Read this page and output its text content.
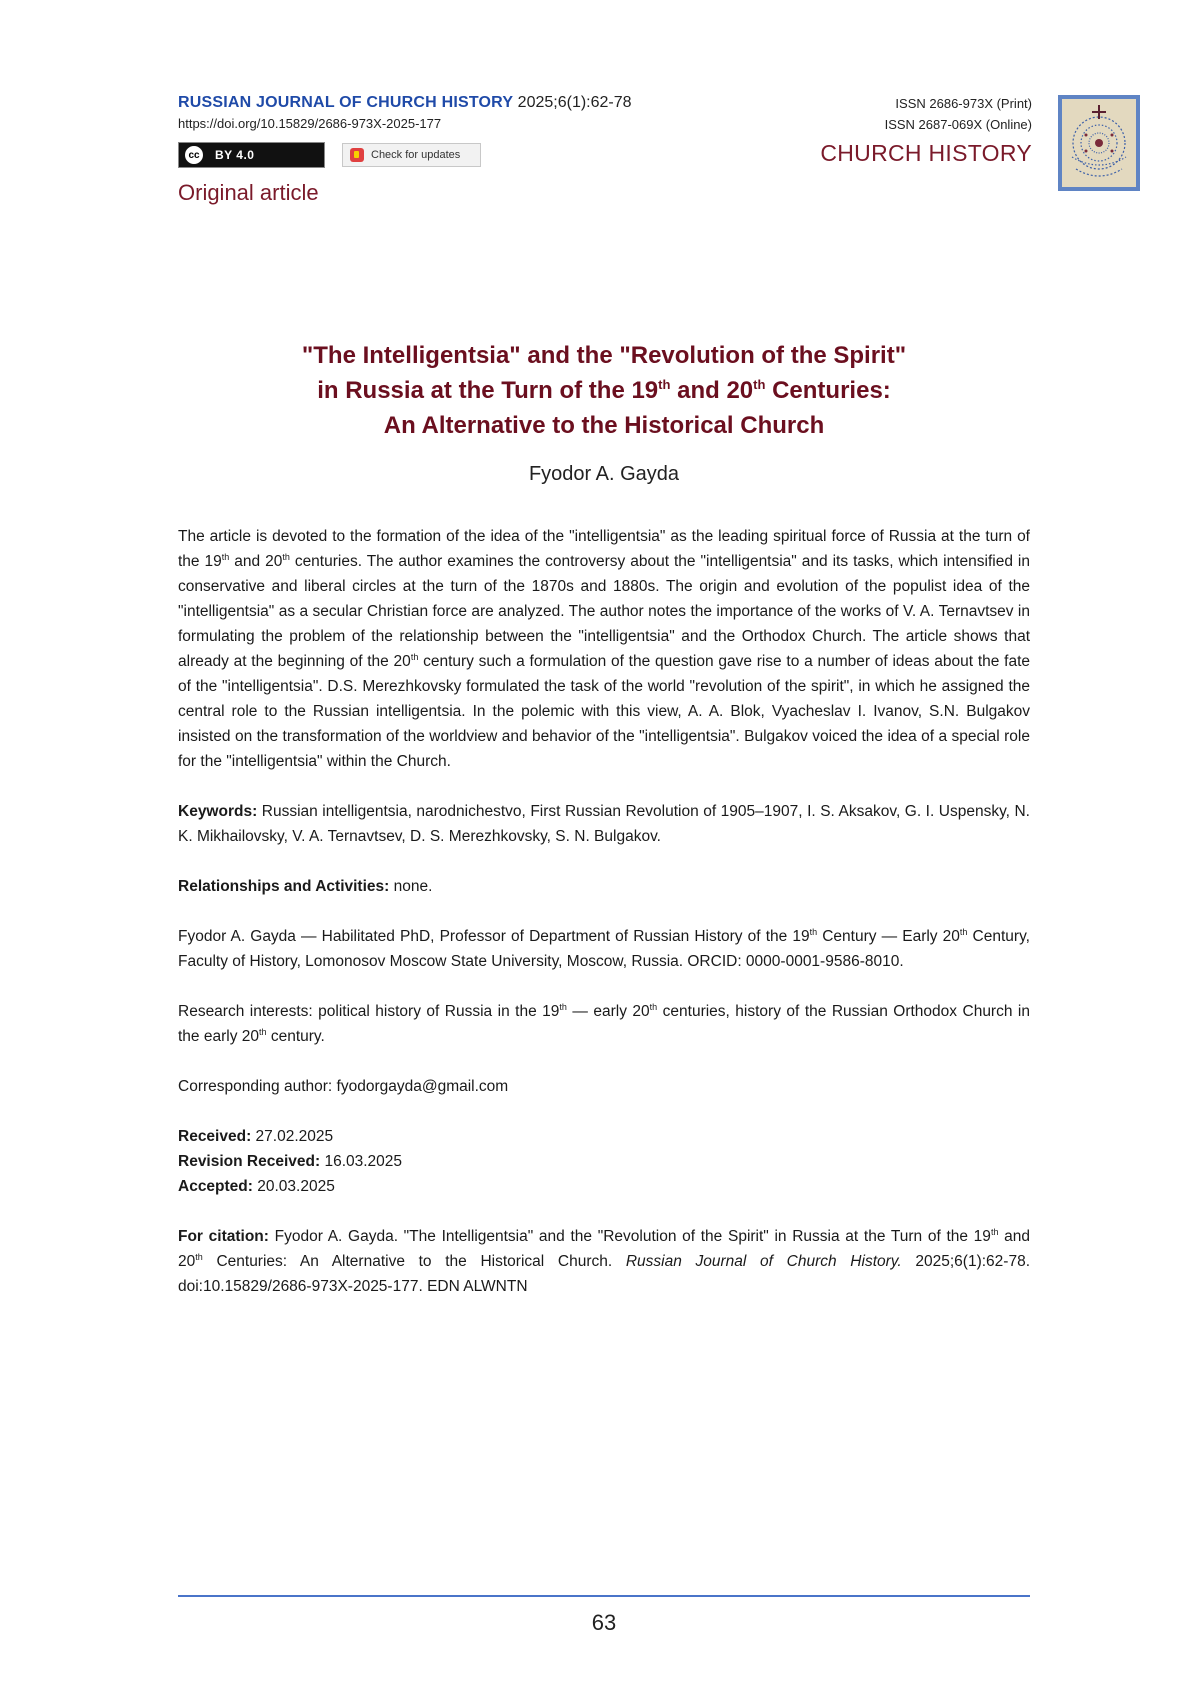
RUSSIAN JOURNAL OF CHURCH HISTORY 2025;6(1):62-78
https://doi.org/10.15829/2686-973X-2025-177
cc	BY 4.0	Check for updates
Original article
ISSN 2686-973X (Print)
ISSN 2687-069X (Online)
CHURCH HISTORY
"The Intelligentsia" and the "Revolution of the Spirit"
in Russia at the Turn of the 19th and 20th Centuries:
An Alternative to the Historical Church
Fyodor A. Gayda

The article is devoted to the formation of the idea of the "intelligentsia" as the leading spiritual force of Russia at the turn of the 19th and 20th centuries. The author examines the controversy about the "intelligentsia" and its tasks, which intensified in conservative and liberal circles at the turn of the 1870s and 1880s. The origin and evolution of the populist idea of the "intelligentsia" as a secular Christian force are analyzed. The author notes the importance of the works of V. A. Ternavtsev in formulating the problem of the relationship between the "intelligentsia" and the Orthodox Church. The article shows that already at the beginning of the 20th century such a formulation of the question gave rise to a number of ideas about the fate of the "intelligentsia". D.S. Merezhkovsky formulated the task of the world "revolution of the spirit", in which he assigned the central role to the Russian intelligentsia. In the polemic with this view, A. A. Blok, Vyacheslav I. Ivanov, S.N. Bulgakov insisted on the transformation of the worldview and behavior of the "intelligentsia". Bulgakov voiced the idea of a special role for the "intelligentsia" within the Church.

Keywords: Russian intelligentsia, narodnichestvo, First Russian Revolution of 1905–1907, I. S. Aksakov, G. I. Uspensky, N. K. Mikhailovsky, V. A. Ternavtsev, D. S. Merezhkovsky, S. N. Bulgakov.

Relationships and Activities: none.

Fyodor A. Gayda — Habilitated PhD, Professor of Department of Russian History of the 19th Century — Early 20th Century, Faculty of History, Lomonosov Moscow State University, Moscow, Russia. ORCID: 0000-0001-9586-8010.

Research interests: political history of Russia in the 19th — early 20th centuries, history of the Russian Orthodox Church in the early 20th century.

Corresponding author: fyodorgayda@gmail.com

Received: 27.02.2025

Revision Received: 16.03.2025

Accepted: 20.03.2025

For citation: Fyodor A. Gayda. "The Intelligentsia" and the "Revolution of the Spirit" in Russia at the Turn of the 19th and 20th Centuries: An Alternative to the Historical Church. Russian Journal of Church History. 2025;6(1):62-78. doi:10.15829/2686-973X-2025-177. EDN ALWNTN

63
